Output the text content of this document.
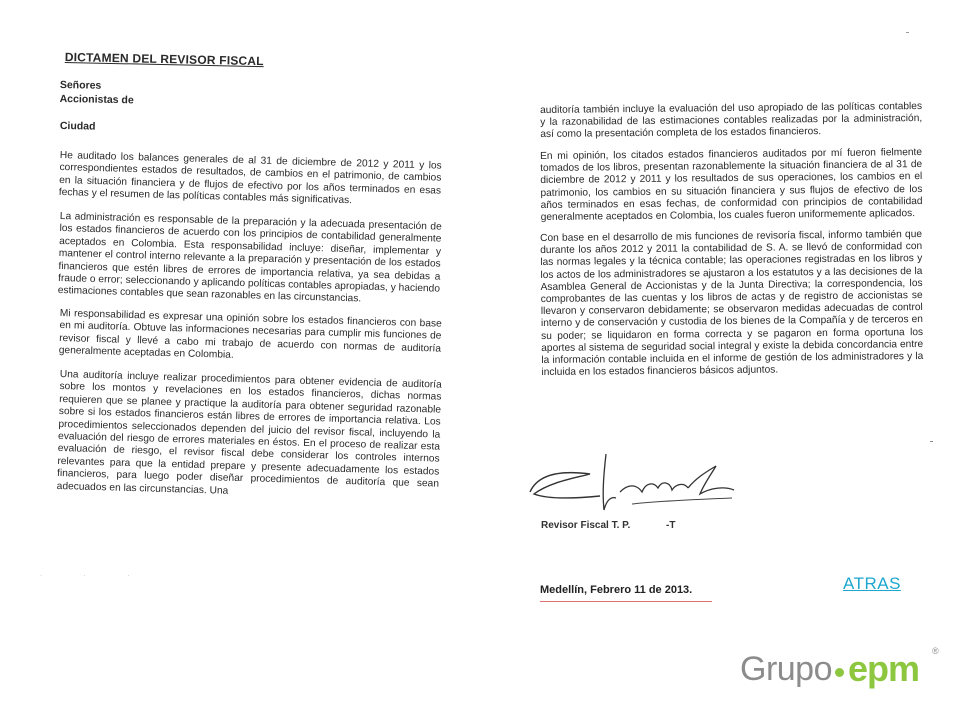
DICTAMEN DEL REVISOR FISCAL
Señores
Accionistas de
Ciudad

He auditado los balances generales de al 31 de diciembre de 2012 y 2011 y los correspondientes estados de resultados, de cambios en el patrimonio, de cambios en la situación financiera y de flujos de efectivo por los años terminados en esas fechas y el resumen de las políticas contables más significativas.

La administración es responsable de la preparación y la adecuada presentación de los estados financieros de acuerdo con los principios de contabilidad generalmente aceptados en Colombia. Esta responsabilidad incluye: diseñar, implementar y mantener el control interno relevante a la preparación y presentación de los estados financieros que estén libres de errores de importancia relativa, ya sea debidas a fraude o error; seleccionando y aplicando políticas contables apropiadas, y haciendo estimaciones contables que sean razonables en las circunstancias.

Mi responsabilidad es expresar una opinión sobre los estados financieros con base en mi auditoría. Obtuve las informaciones necesarias para cumplir mis funciones de revisor fiscal y llevé a cabo mi trabajo de acuerdo con normas de auditoría generalmente aceptadas en Colombia.

Una auditoría incluye realizar procedimientos para obtener evidencia de auditoría sobre los montos y revelaciones en los estados financieros, dichas normas requieren que se planee y practique la auditoría para obtener seguridad razonable sobre si los estados financieros están libres de errores de importancia relativa. Los procedimientos seleccionados dependen del juicio del revisor fiscal, incluyendo la evaluación del riesgo de errores materiales en éstos. En el proceso de realizar esta evaluación de riesgo, el revisor fiscal debe considerar los controles internos relevantes para que la entidad prepare y presente adecuadamente los estados financieros, para luego poder diseñar procedimientos de auditoría que sean adecuados en las circunstancias. Una

auditoría también incluye la evaluación del uso apropiado de las políticas contables y la razonabilidad de las estimaciones contables realizadas por la administración, así como la presentación completa de los estados financieros.

En mi opinión, los citados estados financieros auditados por mí fueron fielmente tomados de los libros, presentan razonablemente la situación financiera de al 31 de diciembre de 2012 y 2011 y los resultados de sus operaciones, los cambios en el patrimonio, los cambios en su situación financiera y sus flujos de efectivo de los años terminados en esas fechas, de conformidad con principios de contabilidad generalmente aceptados en Colombia, los cuales fueron uniformemente aplicados.

Con base en el desarrollo de mis funciones de revisoría fiscal, informo también que durante los años 2012 y 2011 la contabilidad de S. A. se llevó de conformidad con las normas legales y la técnica contable; las operaciones registradas en los libros y los actos de los administradores se ajustaron a los estatutos y a las decisiones de la Asamblea General de Accionistas y de la Junta Directiva; la correspondencia, los comprobantes de las cuentas y los libros de actas y de registro de accionistas se llevaron y conservaron debidamente; se observaron medidas adecuadas de control interno y de conservación y custodia de los bienes de la Compañía y de terceros en su poder; se liquidaron en forma correcta y se pagaron en forma oportuna los aportes al sistema de seguridad social integral y existe la debida concordancia entre la información contable incluida en el informe de gestión de los administradores y la incluida en los estados financieros básicos adjuntos.

Revisor Fiscal T. P.	-T
· · ·
Medellín, Febrero 11 de 2013.	ATRAS
Grupo epm ®
